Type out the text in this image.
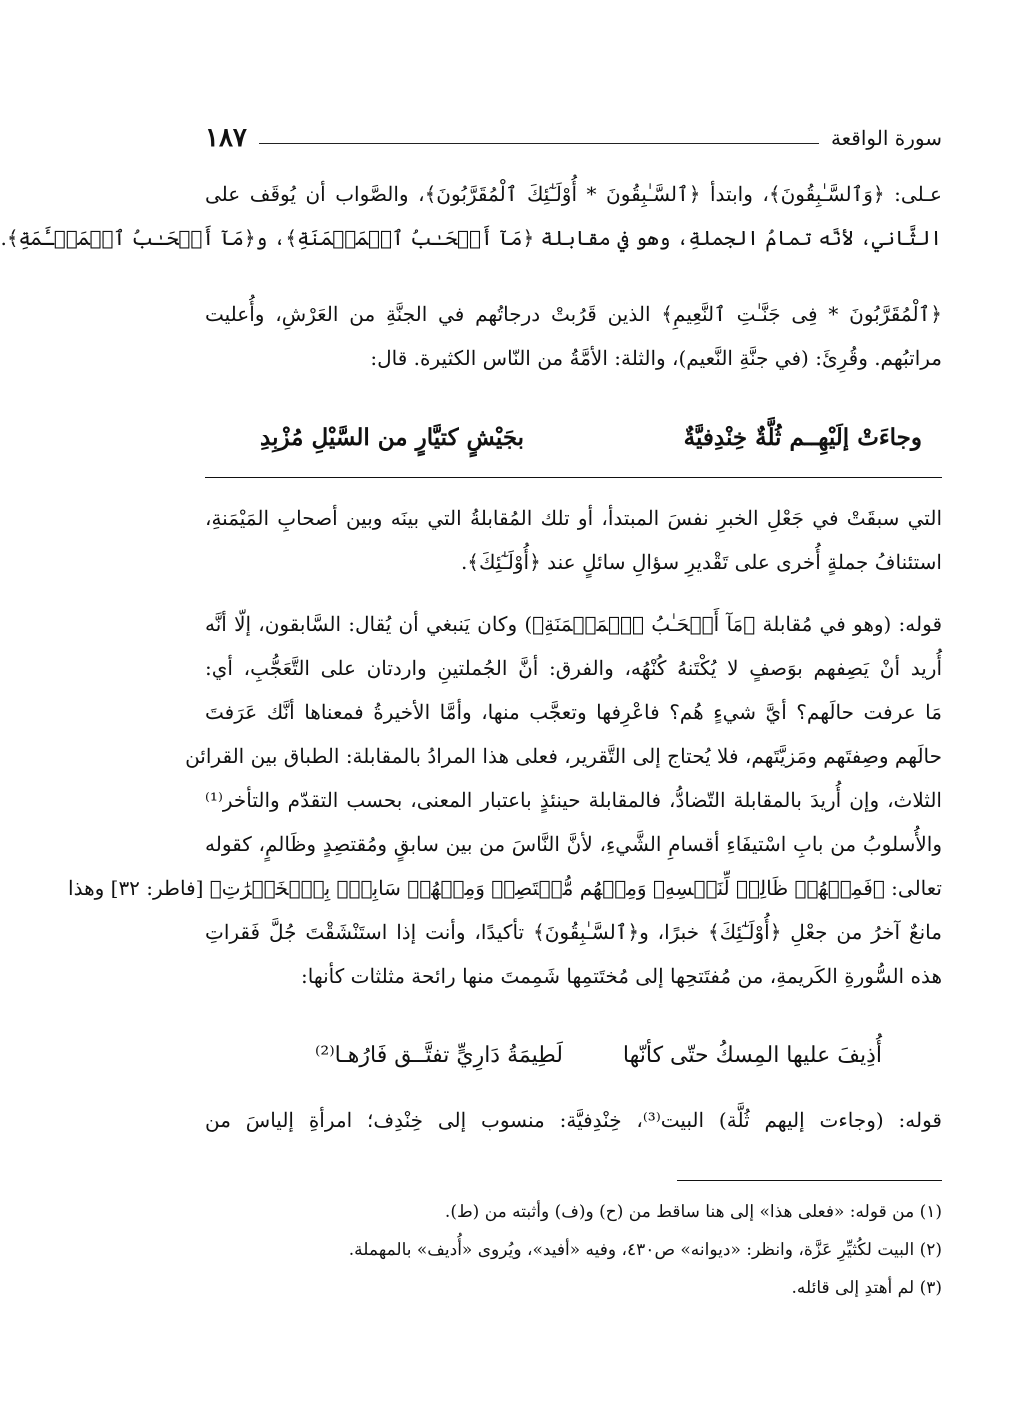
سورة الواقعة
١٨٧
عـلى: ﴿وَٱلسَّـٰبِقُونَ﴾، وابتدأ ﴿ٱلسَّـٰبِقُونَ * أُوْلَـٰٓئِكَ ٱلْمُقَرَّبُونَ﴾، والصَّواب أن يُوقَف على
الثَّاني، لأنَّه تمامُ الجملةِ، وهو في مقابلة ﴿مَآ أَصۡحَـٰبُ ٱلۡمَيۡمَنَةِ﴾، و﴿مَآ أَصۡحَـٰبُ ٱلۡمَشۡـَٔمَةِ﴾.
﴿ٱلْمُقَرَّبُونَ * فِى جَنَّـٰتِ ٱلنَّعِيمِ﴾ الذين قَرُبتْ درجاتُهم في الجنَّةِ من العَرْشِ، وأُعليت
مراتبُهم. وقُرِئَ: (في جنَّةِ النَّعيم)، والثلة: الأمَّةُ من النّاس الكثيرة. قال:
وجاءَتْ إلَيْهِــم ثُلَّةٌ خِنْدِفيَّةٌ
بجَيْشٍ كتيَّارٍ من السَّيْلِ مُزْبِدِ
التي سبقَتْ في جَعْلِ الخبرِ نفسَ المبتدأ، أو تلك المُقابلةُ التي بينَه وبين أصحابِ المَيْمَنةِ،
استئنافُ جملةٍ أُخرى على تَقْديرِ سؤالِ سائلٍ عند ﴿أُوْلَـٰٓئِكَ﴾.
قوله: (وهو في مُقابلة ﴿مَآ أَصۡحَـٰبُ ٱلۡمَيۡمَنَةِ﴾) وكان يَنبغي أن يُقال: السَّابقون، إلّا أنَّه
أُريد أنْ يَصِفهم بوَصفٍ لا يُكْتَنهُ كُنْهُه، والفرق: أنَّ الجُملتينِ واردتان على التَّعَجُّبِ، أي:
مَا عرفت حالَهم؟ أيَّ شيءٍ هُم؟ فاعْرِفها وتعجَّب منها، وأمَّا الأخيرةُ فمعناها أنَّك عَرَفتَ
حالَهم وصِفتَهم ومَزيَّتَهم، فلا يُحتاج إلى التَّقرير، فعلى هذا المرادُ بالمقابلة: الطباق بين القرائن
الثلاث، وإن أُريدَ بالمقابلة التّضادُّ، فالمقابلة حينئذٍ باعتبار المعنى، بحسب التقدّم والتأخر⁽¹⁾
والأُسلوبُ من بابِ اسْتيفَاءِ أقسامِ الشَّيءِ، لأنَّ النَّاسَ من بين سابقٍ ومُقتصِدٍ وظَالمٍ، كقوله
تعالى: ﴿فَمِنۡهُمۡ ظَالِمٞ لِّنَفۡسِهِۦ وَمِنۡهُم مُّقۡتَصِدٞ وَمِنۡهُمۡ سَابِقُۢ بِٱلۡخَيۡرَٰتِ﴾ [فاطر: ٣٢] وهذا
مانعٌ آخرُ من جعْلِ ﴿أُوْلَـٰٓئِكَ﴾ خبرًا، و﴿ٱلسَّـٰبِقُونَ﴾ تأكيدًا، وأنت إذا استَنْشَقْتَ جُلَّ فَقراتِ
هذه السُّورةِ الكَريمةِ، من مُفتَتحِها إلى مُختَتمِها شَمِمتَ منها رائحة مثلثات كأنها:
أُذِيفَ عليها المِسكُ حتّى كأنّها
لَطِيمَةُ دَارِيٍّ تفتَّــق فَارُهـا⁽²⁾
قوله: (وجاءت إليهم ثُلَّة) البيت⁽³⁾، خِنْدِفيَّة: منسوب إلى خِنْدِف؛ امرأةِ إلياسَ من
(١) من قوله: «فعلى هذا» إلى هنا ساقط من (ح) و(ف) وأثبته من (ط).
(٢) البيت لكُثيِّرِ عَزَّة، وانظر: «ديوانه» ص٤٣٠، وفيه «أفيد»، ويُروى «أُديف» بالمهملة.
(٣) لم أهتدِ إلى قائله.
